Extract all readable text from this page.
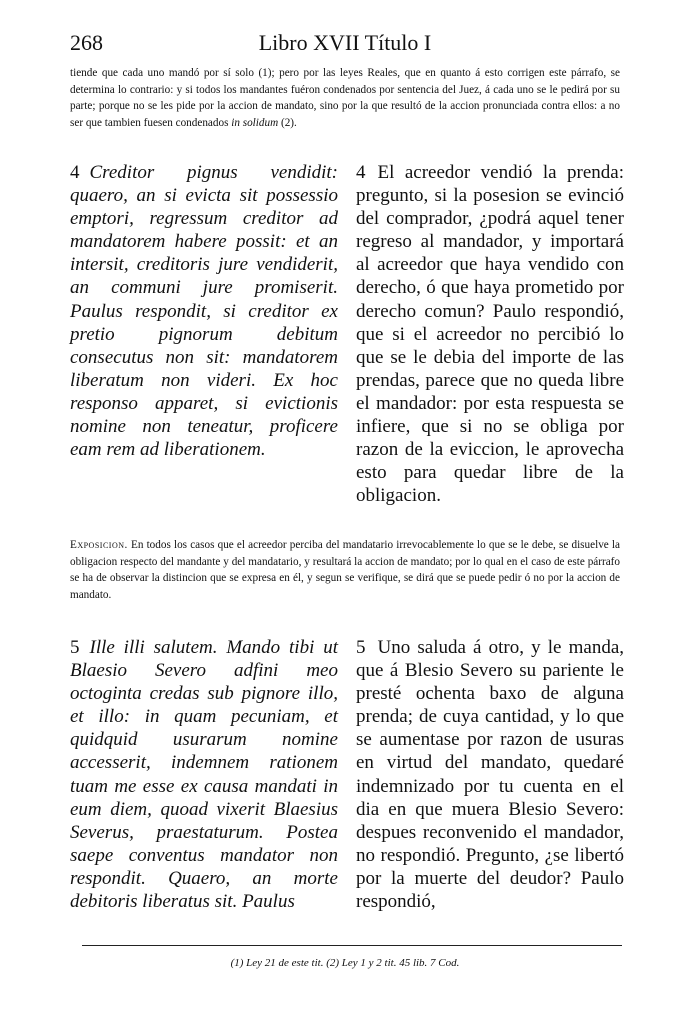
268	Libro XVII Título I
tiende que cada uno mandó por sí solo (1); pero por las leyes Reales, que en quanto á esto corrigen este párrafo, se determina lo contrario: y si todos los mandantes fuéron condenados por sentencia del Juez, á cada uno se le pedirá por su parte; porque no se les pide por la accion de mandato, sino por la que resultó de la accion pronunciada contra ellos: a no ser que tambien fuesen condenados in solidum (2).
4 Creditor pignus vendidit: quaero, an si evicta sit possessio emptori, regressum creditor ad mandatorem habere possit: et an intersit, creditoris jure vendiderit, an communi jure promiserit. Paulus respondit, si creditor ex pretio pignorum debitum consecutus non sit: mandatorem liberatum non videri. Ex hoc responso apparet, si evictionis nomine non teneatur, proficere eam rem ad liberationem.
4 El acreedor vendió la prenda: pregunto, si la posesion se evinció del comprador, ¿podrá aquel tener regreso al mandador, y importará al acreedor que haya vendido con derecho, ó que haya prometido por derecho comun? Paulo respondió, que si el acreedor no percibió lo que se le debia del importe de las prendas, parece que no queda libre el mandador: por esta respuesta se infiere, que si no se obliga por razon de la eviccion, le aprovecha esto para quedar libre de la obligacion.
Exposicion. En todos los casos que el acreedor perciba del mandatario irrevocablemente lo que se le debe, se disuelve la obligacion respecto del mandante y del mandatario, y resultará la accion de mandato; por lo qual en el caso de este párrafo se ha de observar la distincion que se expresa en él, y segun se verifique, se dirá que se puede pedir ó no por la accion de mandato.
5 Ille illi salutem. Mando tibi ut Blaesio Severo adfini meo octoginta credas sub pignore illo, et illo: in quam pecuniam, et quidquid usurarum nomine accesserit, indemnem rationem tuam me esse ex causa mandati in eum diem, quoad vixerit Blaesius Severus, praestaturum. Postea saepe conventus mandator non respondit. Quaero, an morte debitoris liberatus sit. Paulus
5 Uno saluda á otro, y le manda, que á Blesio Severo su pariente le presté ochenta baxo de alguna prenda; de cuya cantidad, y lo que se aumentase por razon de usuras en virtud del mandato, quedaré indemnizado por tu cuenta en el dia en que muera Blesio Severo: despues reconvenido el mandador, no respondió. Pregunto, ¿se libertó por la muerte del deudor? Paulo respondió,
(1) Ley 21 de este tit. (2) Ley 1 y 2 tit. 45 lib. 7 Cod.
